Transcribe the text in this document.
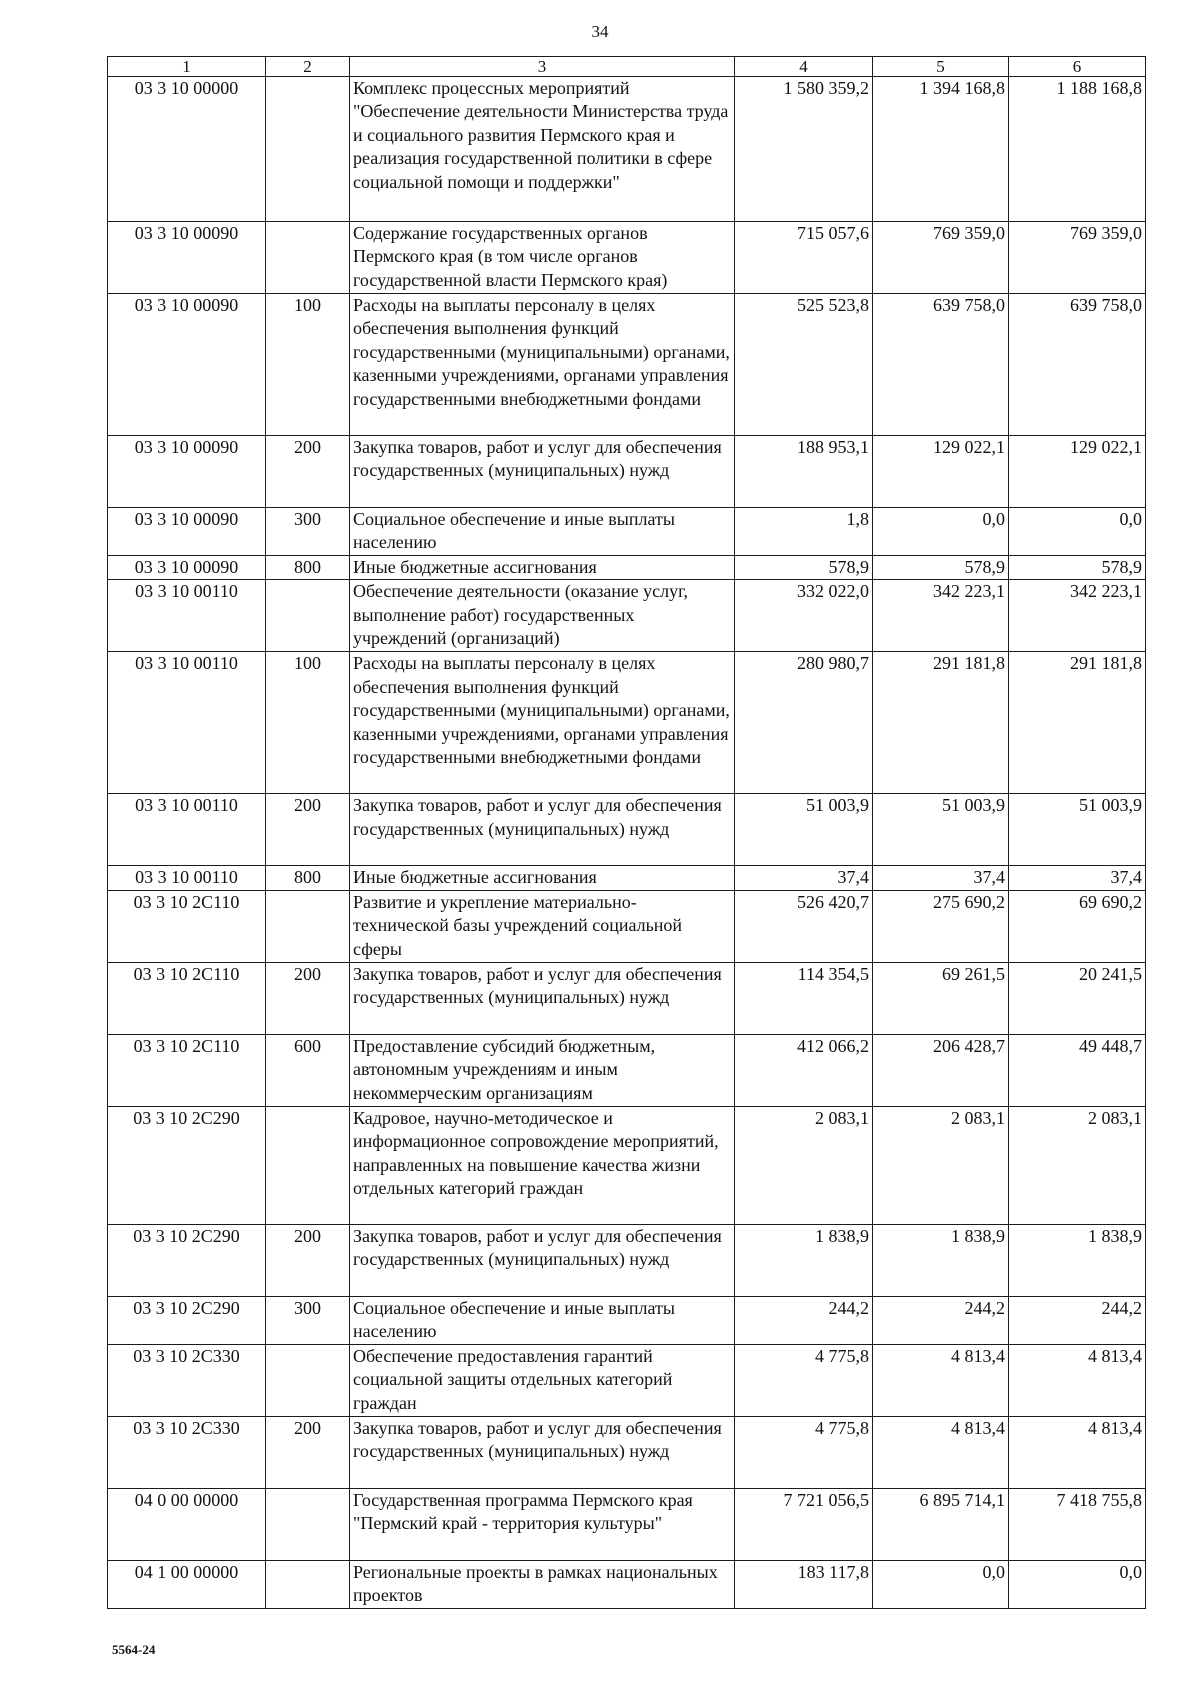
34
1	2	3	4	5	6
03 3 10 00000		Комплекс процессных мероприятий "Обеспечение деятельности Министерства труда и социального развития Пермского края и реализация государственной политики в сфере социальной помощи и поддержки"	1 580 359,2	1 394 168,8	1 188 168,8
03 3 10 00090		Содержание государственных органов Пермского края (в том числе органов государственной власти Пермского края)	715 057,6	769 359,0	769 359,0
03 3 10 00090	100	Расходы на выплаты персоналу в целях обеспечения выполнения функций государственными (муниципальными) органами, казенными учреждениями, органами управления государственными внебюджетными фондами	525 523,8	639 758,0	639 758,0
03 3 10 00090	200	Закупка товаров, работ и услуг для обеспечения государственных (муниципальных) нужд	188 953,1	129 022,1	129 022,1
03 3 10 00090	300	Социальное обеспечение и иные выплаты населению	1,8	0,0	0,0
03 3 10 00090	800	Иные бюджетные ассигнования	578,9	578,9	578,9
03 3 10 00110		Обеспечение деятельности (оказание услуг, выполнение работ) государственных учреждений (организаций)	332 022,0	342 223,1	342 223,1
03 3 10 00110	100	Расходы на выплаты персоналу в целях обеспечения выполнения функций государственными (муниципальными) органами, казенными учреждениями, органами управления государственными внебюджетными фондами	280 980,7	291 181,8	291 181,8
03 3 10 00110	200	Закупка товаров, работ и услуг для обеспечения государственных (муниципальных) нужд	51 003,9	51 003,9	51 003,9
03 3 10 00110	800	Иные бюджетные ассигнования	37,4	37,4	37,4
03 3 10 2С110		Развитие и укрепление материально-технической базы учреждений социальной сферы	526 420,7	275 690,2	69 690,2
03 3 10 2С110	200	Закупка товаров, работ и услуг для обеспечения государственных (муниципальных) нужд	114 354,5	69 261,5	20 241,5
03 3 10 2С110	600	Предоставление субсидий бюджетным, автономным учреждениям и иным некоммерческим организациям	412 066,2	206 428,7	49 448,7
03 3 10 2С290		Кадровое, научно-методическое и информационное сопровождение мероприятий, направленных на повышение качества жизни отдельных категорий граждан	2 083,1	2 083,1	2 083,1
03 3 10 2С290	200	Закупка товаров, работ и услуг для обеспечения государственных (муниципальных) нужд	1 838,9	1 838,9	1 838,9
03 3 10 2С290	300	Социальное обеспечение и иные выплаты населению	244,2	244,2	244,2
03 3 10 2С330		Обеспечение предоставления гарантий социальной защиты отдельных категорий граждан	4 775,8	4 813,4	4 813,4
03 3 10 2С330	200	Закупка товаров, работ и услуг для обеспечения государственных (муниципальных) нужд	4 775,8	4 813,4	4 813,4
04 0 00 00000		Государственная программа Пермского края "Пермский край - территория культуры"	7 721 056,5	6 895 714,1	7 418 755,8
04 1 00 00000		Региональные проекты в рамках национальных проектов	183 117,8	0,0	0,0
5564-24
